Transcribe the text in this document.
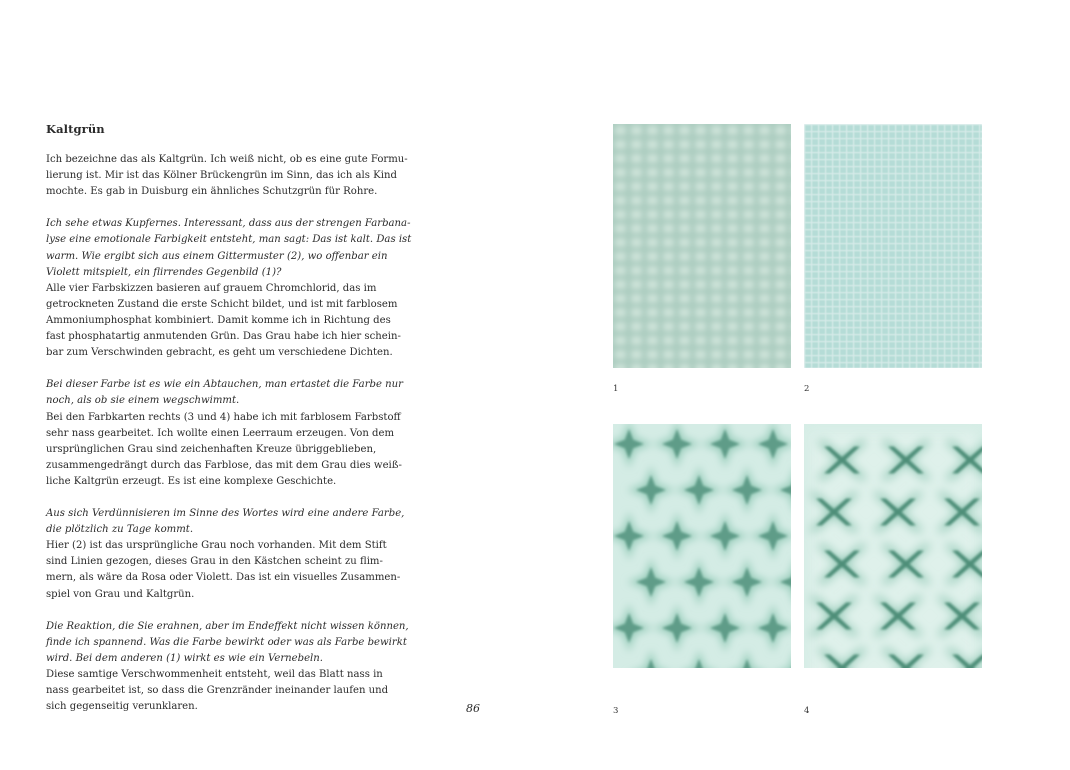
Kaltgrün

Ich bezeichne das als Kaltgrün. Ich weiß nicht, ob es eine gute Formu-
lierung ist. Mir ist das Kölner Brückengrün im Sinn, das ich als Kind
mochte. Es gab in Duisburg ein ähnliches Schutzgrün für Rohre.

Ich sehe etwas Kupfernes. Interessant, dass aus der strengen Farbana-
lyse eine emotionale Farbigkeit entsteht, man sagt: Das ist kalt. Das ist
warm. Wie ergibt sich aus einem Gittermuster (2), wo offenbar ein
Violett mitspielt, ein flirrendes Gegenbild (1)?
Alle vier Farbskizzen basieren auf grauem Chromchlorid, das im
getrockneten Zustand die erste Schicht bildet, und ist mit farblosem
Ammoniumphosphat kombiniert. Damit komme ich in Richtung des
fast phosphatartig anmutenden Grün. Das Grau habe ich hier schein-
bar zum Verschwinden gebracht, es geht um verschiedene Dichten.

Bei dieser Farbe ist es wie ein Abtauchen, man ertastet die Farbe nur
noch, als ob sie einem wegschwimmt.
Bei den Farbkarten rechts (3 und 4) habe ich mit farblosem Farbstoff
sehr nass gearbeitet. Ich wollte einen Leerraum erzeugen. Von dem
ursprünglichen Grau sind zeichenhaften Kreuze übriggeblieben,
zusammengedrängt durch das Farblose, das mit dem Grau dies weiß-
liche Kaltgrün erzeugt. Es ist eine komplexe Geschichte.

Aus sich Verdünnisieren im Sinne des Wortes wird eine andere Farbe,
die plötzlich zu Tage kommt.
Hier (2) ist das ursprüngliche Grau noch vorhanden. Mit dem Stift
sind Linien gezogen, dieses Grau in den Kästchen scheint zu flim-
mern, als wäre da Rosa oder Violett. Das ist ein visuelles Zusammen-
spiel von Grau und Kaltgrün.

Die Reaktion, die Sie erahnen, aber im Endeffekt nicht wissen können,
finde ich spannend. Was die Farbe bewirkt oder was als Farbe bewirkt
wird. Bei dem anderen (1) wirkt es wie ein Vernebeln.
Diese samtige Verschwommenheit entsteht, weil das Blatt nass in
nass gearbeitet ist, so dass die Grenzränder ineinander laufen und
sich gegenseitig verunklaren.	86
1	2
3	4
